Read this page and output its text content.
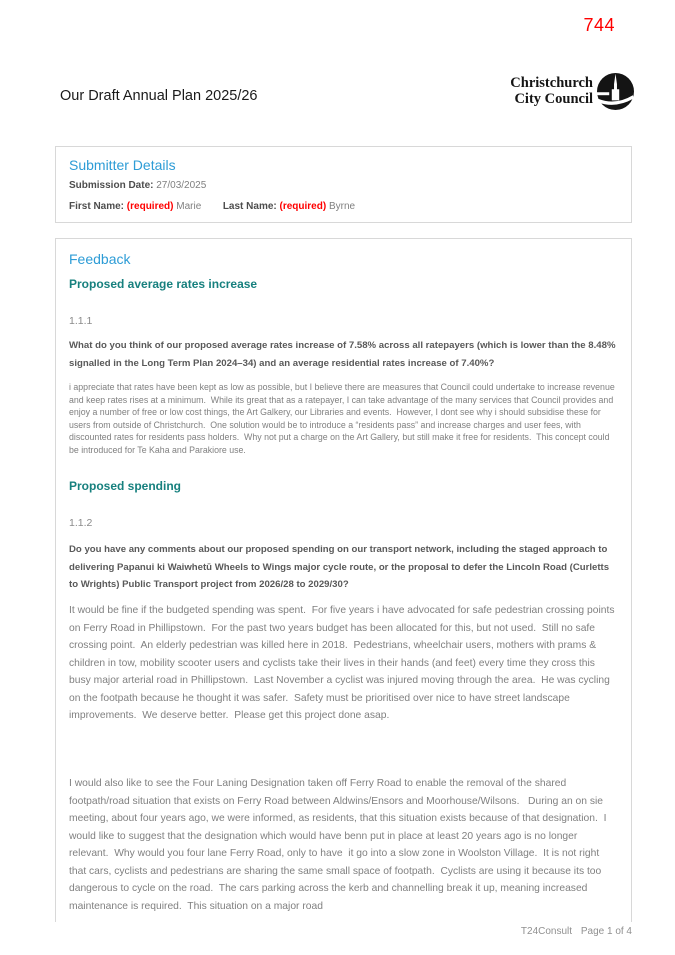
744
Our Draft Annual Plan 2025/26
Christchurch
City Council
Submitter Details

Submission Date: 27/03/2025

First Name: (required) Marie Last Name: (required) Byrne

Feedback
Proposed average rates increase

1.1.1

What do you think of our proposed average rates increase of 7.58% across all ratepayers (which is lower than the 8.48% signalled in the Long Term Plan 2024–34) and an average residential rates increase of 7.40%?

i appreciate that rates have been kept as low as possible, but I believe there are measures that Council could undertake to increase revenue and keep rates rises at a minimum.  While its great that as a ratepayer, I can take advantage of the many services that Council provides and enjoy a number of free or low cost things, the Art Galkery, our Libraries and events.  However, I dont see why i should subsidise these for users from outside of Christchurch.  One solution would be to introduce a “residents pass” and increase charges and user fees, with discounted rates for residents pass holders.  Why not put a charge on the Art Gallery, but still make it free for residents.  This concept could be introduced for Te Kaha and Parakiore use.

Proposed spending

1.1.2

Do you have any comments about our proposed spending on our transport network, including the staged approach to delivering Papanui ki Waiwhetū Wheels to Wings major cycle route, or the proposal to defer the Lincoln Road (Curletts to Wrights) Public Transport project from 2026/28 to 2029/30?

It would be fine if the budgeted spending was spent.  For five years i have advocated for safe pedestrian crossing points on Ferry Road in Phillipstown.  For the past two years budget has been allocated for this, but not used.  Still no safe crossing point.  An elderly pedestrian was killed here in 2018.  Pedestrians, wheelchair users, mothers with prams & children in tow, mobility scooter users and cyclists take their lives in their hands (and feet) every time they cross this busy major arterial road in Phillipstown.  Last November a cyclist was injured moving through the area.  He was cycling on the footpath because he thought it was safer.  Safety must be prioritised over nice to have street landscape improvements.  We deserve better.  Please get this project done asap.

I would also like to see the Four Laning Designation taken off Ferry Road to enable the removal of the shared footpath/road situation that exists on Ferry Road between Aldwins/Ensors and Moorhouse/Wilsons.   During an on sie meeting, about four years ago, we were informed, as residents, that this situation exists because of that designation.  I would like to suggest that the designation which would have benn put in place at least 20 years ago is no longer relevant.  Why would you four lane Ferry Road, only to have  it go into a slow zone in Woolston Village.  It is not right that cars, cyclists and pedestrians are sharing the same small space of footpath.  Cyclists are using it because its too dangerous to cycle on the road.  The cars parking across the kerb and channelling break it up, meaning increased maintenance is required.  This situation on a major road

T24Consult Page 1 of 4
